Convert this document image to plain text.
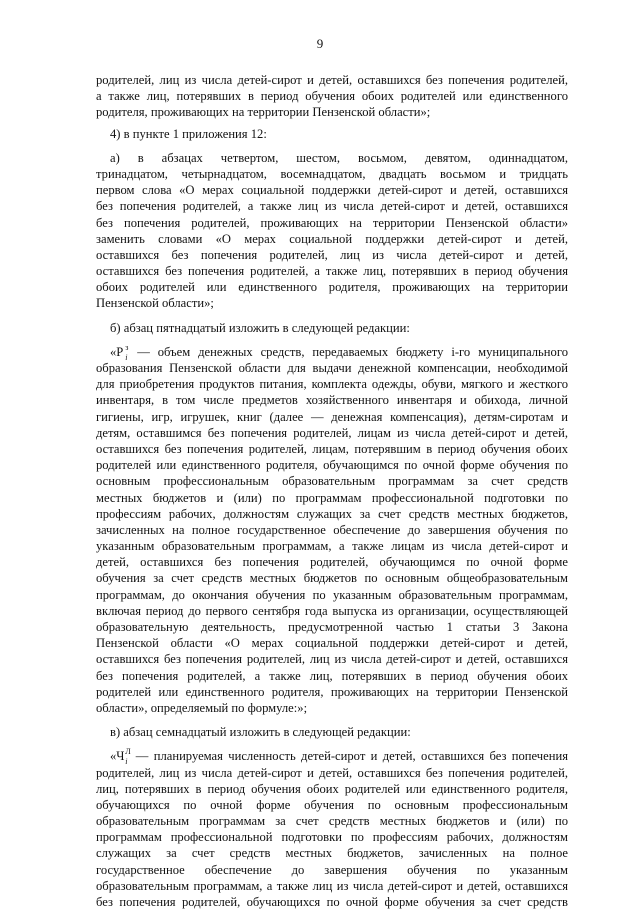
9
родителей, лиц из числа детей-сирот и детей, оставшихся без попечения родителей,
а также лиц, потерявших в период обучения обоих родителей или единственного
родителя, проживающих на территории Пензенской области»;
4) в пункте 1 приложения 12:
а) в абзацах четвертом, шестом, восьмом, девятом, одиннадцатом,
тринадцатом, четырнадцатом, восемнадцатом, двадцать восьмом и тридцать
первом слова «О мерах социальной поддержки детей-сирот и детей, оставшихся
без попечения родителей, а также лиц из числа детей-сирот и детей, оставшихся
без попечения родителей, проживающих на территории Пензенской области»
заменить словами «О мерах социальной поддержки детей-сирот и детей,
оставшихся без попечения родителей, лиц из числа детей-сирот и детей,
оставшихся без попечения родителей, а также лиц, потерявших в период обучения
обоих родителей или единственного родителя, проживающих на территории
Пензенской области»;
б) абзац пятнадцатый изложить в следующей редакции:
«Р з
i — объем денежных средств, передаваемых бюджету i-го муниципального
образования Пензенской области для выдачи денежной компенсации, необходимой
для приобретения продуктов питания, комплекта одежды, обуви, мягкого и жесткого
инвентаря, в том числе предметов хозяйственного инвентаря и обихода, личной
гигиены, игр, игрушек, книг (далее — денежная компенсация), детям-сиротам и
детям, оставшимся без попечения родителей, лицам из числа детей-сирот и детей,
оставшихся без попечения родителей, лицам, потерявшим в период обучения обоих
родителей или единственного родителя, обучающимся по очной форме обучения по
основным профессиональным образовательным программам за счет средств
местных бюджетов и (или) по программам профессиональной подготовки по
профессиям рабочих, должностям служащих за счет средств местных бюджетов,
зачисленных на полное государственное обеспечение до завершения обучения по
указанным образовательным программам, а также лицам из числа детей-сирот и
детей, оставшихся без попечения родителей, обучающимся по очной форме
обучения за счет средств местных бюджетов по основным общеобразовательным
программам, до окончания обучения по указанным образовательным программам,
включая период до первого сентября года выпуска из организации, осуществляющей
образовательную деятельность, предусмотренной частью 1 статьи 3 Закона
Пензенской области «О мерах социальной поддержки детей-сирот и детей,
оставшихся без попечения родителей, лиц из числа детей-сирот и детей, оставшихся
без попечения родителей, а также лиц, потерявших в период обучения обоих
родителей или единственного родителя, проживающих на территории Пензенской
области», определяемый по формуле:»;
в) абзац семнадцатый изложить в следующей редакции:
«Ч Л
i — планируемая численность детей-сирот и детей, оставшихся без попечения
родителей, лиц из числа детей-сирот и детей, оставшихся без попечения родителей,
лиц, потерявших в период обучения обоих родителей или единственного родителя,
обучающихся по очной форме обучения по основным профессиональным
образовательным программам за счет средств местных бюджетов и (или) по
программам профессиональной подготовки по профессиям рабочих, должностям
служащих за счет средств местных бюджетов, зачисленных на полное
государственное обеспечение до завершения обучения по указанным
образовательным программам, а также лиц из числа детей-сирот и детей, оставшихся
без попечения родителей, обучающихся по очной форме обучения за счет средств
